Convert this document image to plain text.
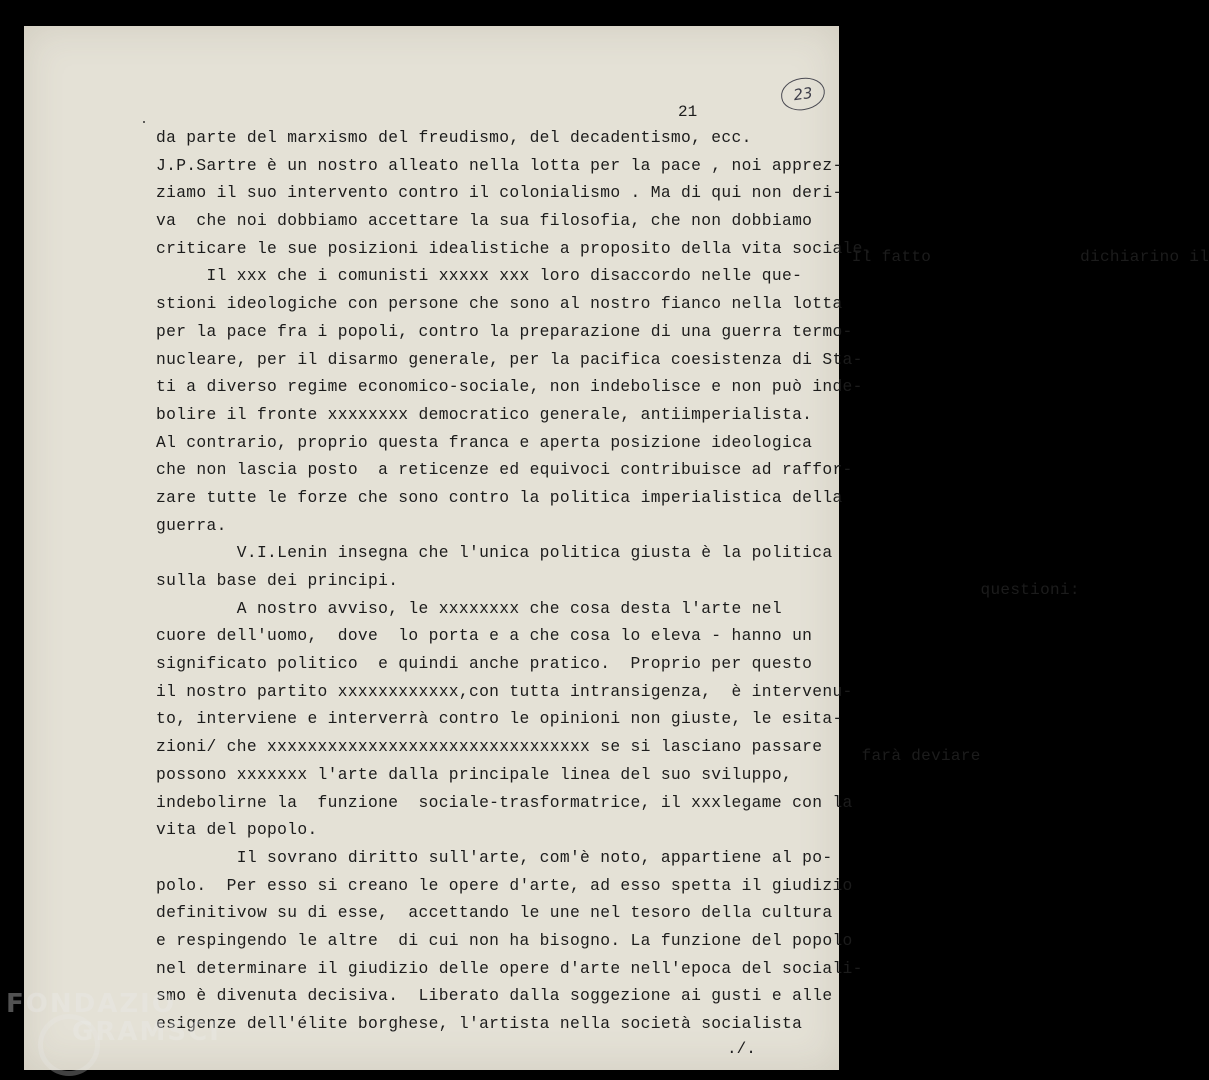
23
21
da parte del marxismo del freudismo, del decadentismo, ecc.
J.P.Sartre è un nostro alleato nella lotta per la pace , noi apprez-
ziamo il suo intervento contro il colonialismo . Ma di qui non deri-
va  che noi dobbiamo accettare la sua filosofia, che non dobbiamo
criticare le sue posizioni idealistiche a proposito della vita sociale.
Il xxx che i comunisti xxxxx xxx loro disaccordo nelle que-
Il fatto               dichiarino il
stioni ideologiche con persone che sono al nostro fianco nella lotta
per la pace fra i popoli, contro la preparazione di una guerra termo-
nucleare, per il disarmo generale, per la pacifica coesistenza di Sta-
ti a diverso regime economico-sociale, non indebolisce e non può inde-
bolire il fronte xxxxxxxx democratico generale, antiimperialista.
Al contrario, proprio questa franca e aperta posizione ideologica
che non lascia posto  a reticenze ed equivoci contribuisce ad raffor-
zare tutte le forze che sono contro la politica imperialistica della
guerra.
V.I.Lenin insegna che l'unica politica giusta è la politica
sulla base dei principi.
A nostro avviso, le xxxxxxxx che cosa desta l'arte nel
questioni:
cuore dell'uomo,  dove  lo porta e a che cosa lo eleva - hanno un
significato politico  e quindi anche pratico.  Proprio per questo
il nostro partito xxxxxxxxxxxx,con tutta intransigenza,  è intervenu-
to, interviene e interverrà contro le opinioni non giuste, le esita-
zioni/ che xxxxxxxxxxxxxxxxxxxxxxxxxxxxxxxx se si lasciano passare
possono xxxxxxx l'arte dalla principale linea del suo sviluppo,
farà deviare
indebolirne la  funzione  sociale-trasformatrice, il xxxlegame con la
vita del popolo.
Il sovrano diritto sull'arte, com'è noto, appartiene al po-
polo.  Per esso si creano le opere d'arte, ad esso spetta il giudizio
definitivow su di esse,  accettando le une nel tesoro della cultura
e respingendo le altre  di cui non ha bisogno. La funzione del popolo
nel determinare il giudizio delle opere d'arte nell'epoca del sociali-
smo è divenuta decisiva.  Liberato dalla soggezione ai gusti e alle
esigenze dell'élite borghese, l'artista nella società socialista
./.
FONDAZIO
GRAMSCI
